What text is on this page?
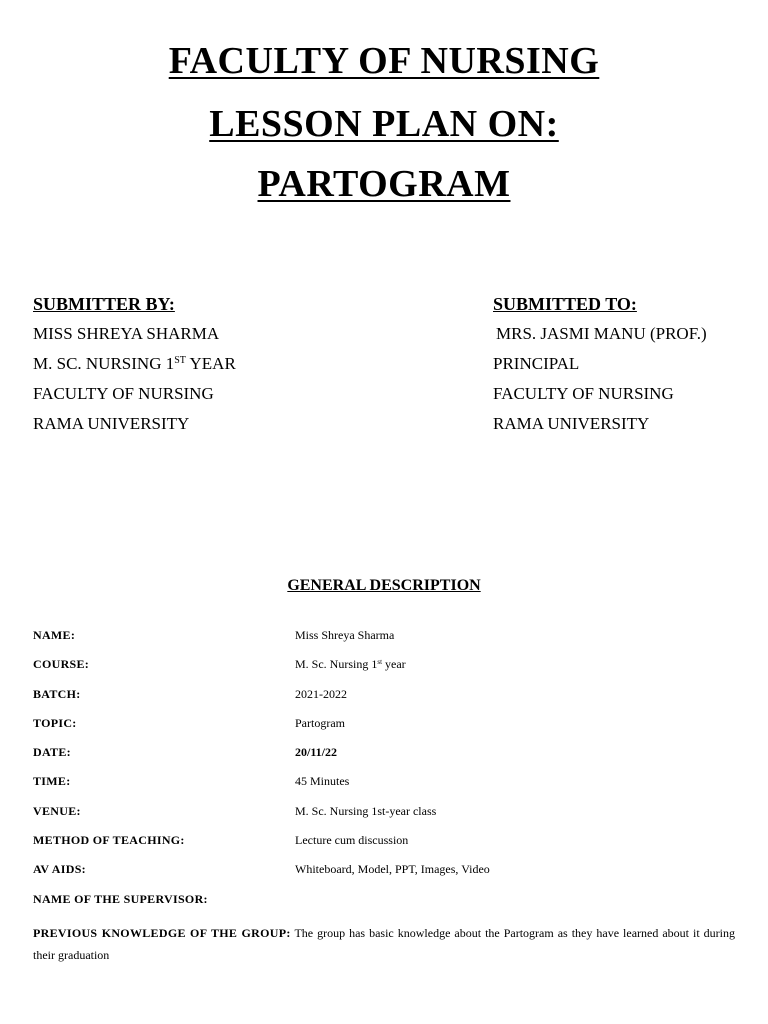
FACULTY OF NURSING
LESSON PLAN ON:
PARTOGRAM
SUBMITTER BY:
MISS SHREYA SHARMA
M. SC. NURSING 1ST YEAR
FACULTY OF NURSING
RAMA UNIVERSITY
SUBMITTED TO:
MRS. JASMI MANU (PROF.)
PRINCIPAL
FACULTY OF NURSING
RAMA UNIVERSITY
GENERAL DESCRIPTION
NAME:	Miss Shreya Sharma
COURSE:	M. Sc. Nursing 1st year
BATCH:	2021-2022
TOPIC:	Partogram
DATE:	20/11/22
TIME:	45 Minutes
VENUE:	M. Sc. Nursing 1st-year class
METHOD OF TEACHING:	Lecture cum discussion
AV AIDS:	Whiteboard, Model, PPT, Images, Video
NAME OF THE SUPERVISOR:
PREVIOUS KNOWLEDGE OF THE GROUP: The group has basic knowledge about the Partogram as they have learned about it during their graduation
